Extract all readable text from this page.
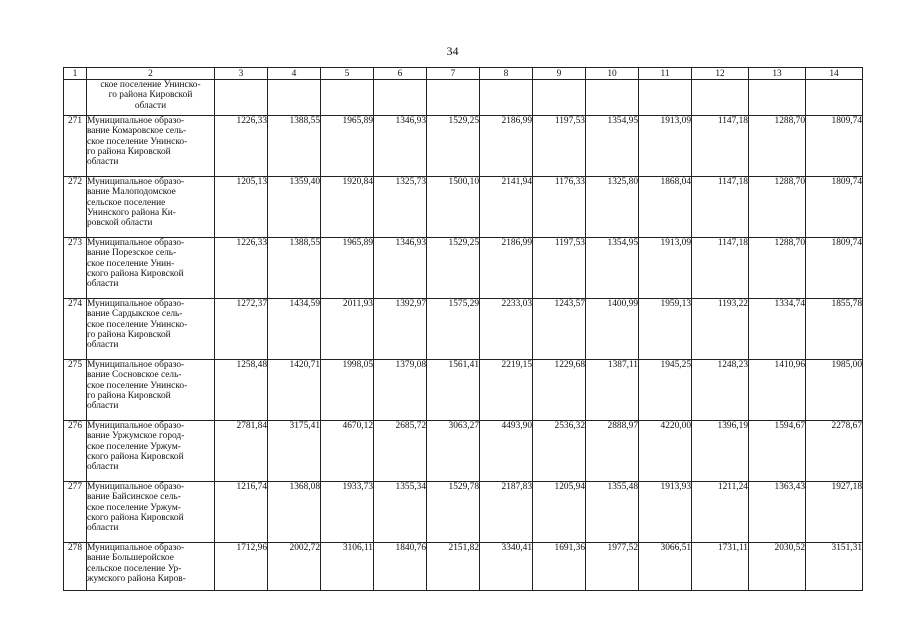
34
1	2	3	4	5	6	7	8	9	10	11	12	13	14

	ское поселение Унинско-
го района Кировской
области												

271	Муниципальное образо-
вание Комаровское сель-
ское поселение Унинско-
го района Кировской
области	1226,33	1388,55	1965,89	1346,93	1529,25	2186,99	1197,53	1354,95	1913,09	1147,18	1288,70	1809,74
272	Муниципальное образо-
вание Малоподомское
сельское поселение
Унинского района Ки-
ровской области	1205,13	1359,40	1920,84	1325,73	1500,10	2141,94	1176,33	1325,80	1868,04	1147,18	1288,70	1809,74
273	Муниципальное образо-
вание Порезское сель-
ское поселение Унин-
ского района Кировской
области	1226,33	1388,55	1965,89	1346,93	1529,25	2186,99	1197,53	1354,95	1913,09	1147,18	1288,70	1809,74
274	Муниципальное образо-
вание Сардыкское сель-
ское поселение Унинско-
го района Кировской
области	1272,37	1434,59	2011,93	1392,97	1575,29	2233,03	1243,57	1400,99	1959,13	1193,22	1334,74	1855,78
275	Муниципальное образо-
вание Сосновское сель-
ское поселение Унинско-
го района Кировской
области	1258,48	1420,71	1998,05	1379,08	1561,41	2219,15	1229,68	1387,11	1945,25	1248,23	1410,96	1985,00
276	Муниципальное образо-
вание Уржумское город-
ское поселение Уржум-
ского района Кировской
области	2781,84	3175,41	4670,12	2685,72	3063,27	4493,90	2536,32	2888,97	4220,00	1396,19	1594,67	2278,67
277	Муниципальное образо-
вание Байсинское сель-
ское поселение Уржум-
ского района Кировской
области	1216,74	1368,08	1933,73	1355,34	1529,78	2187,83	1205,94	1355,48	1913,93	1211,24	1363,43	1927,18
278	Муниципальное образо-
вание Большеройское
сельское поселение Ур-
жумского района Киров-	1712,96	2002,72	3106,11	1840,76	2151,82	3340,41	1691,36	1977,52	3066,51	1731,11	2030,52	3151,31
